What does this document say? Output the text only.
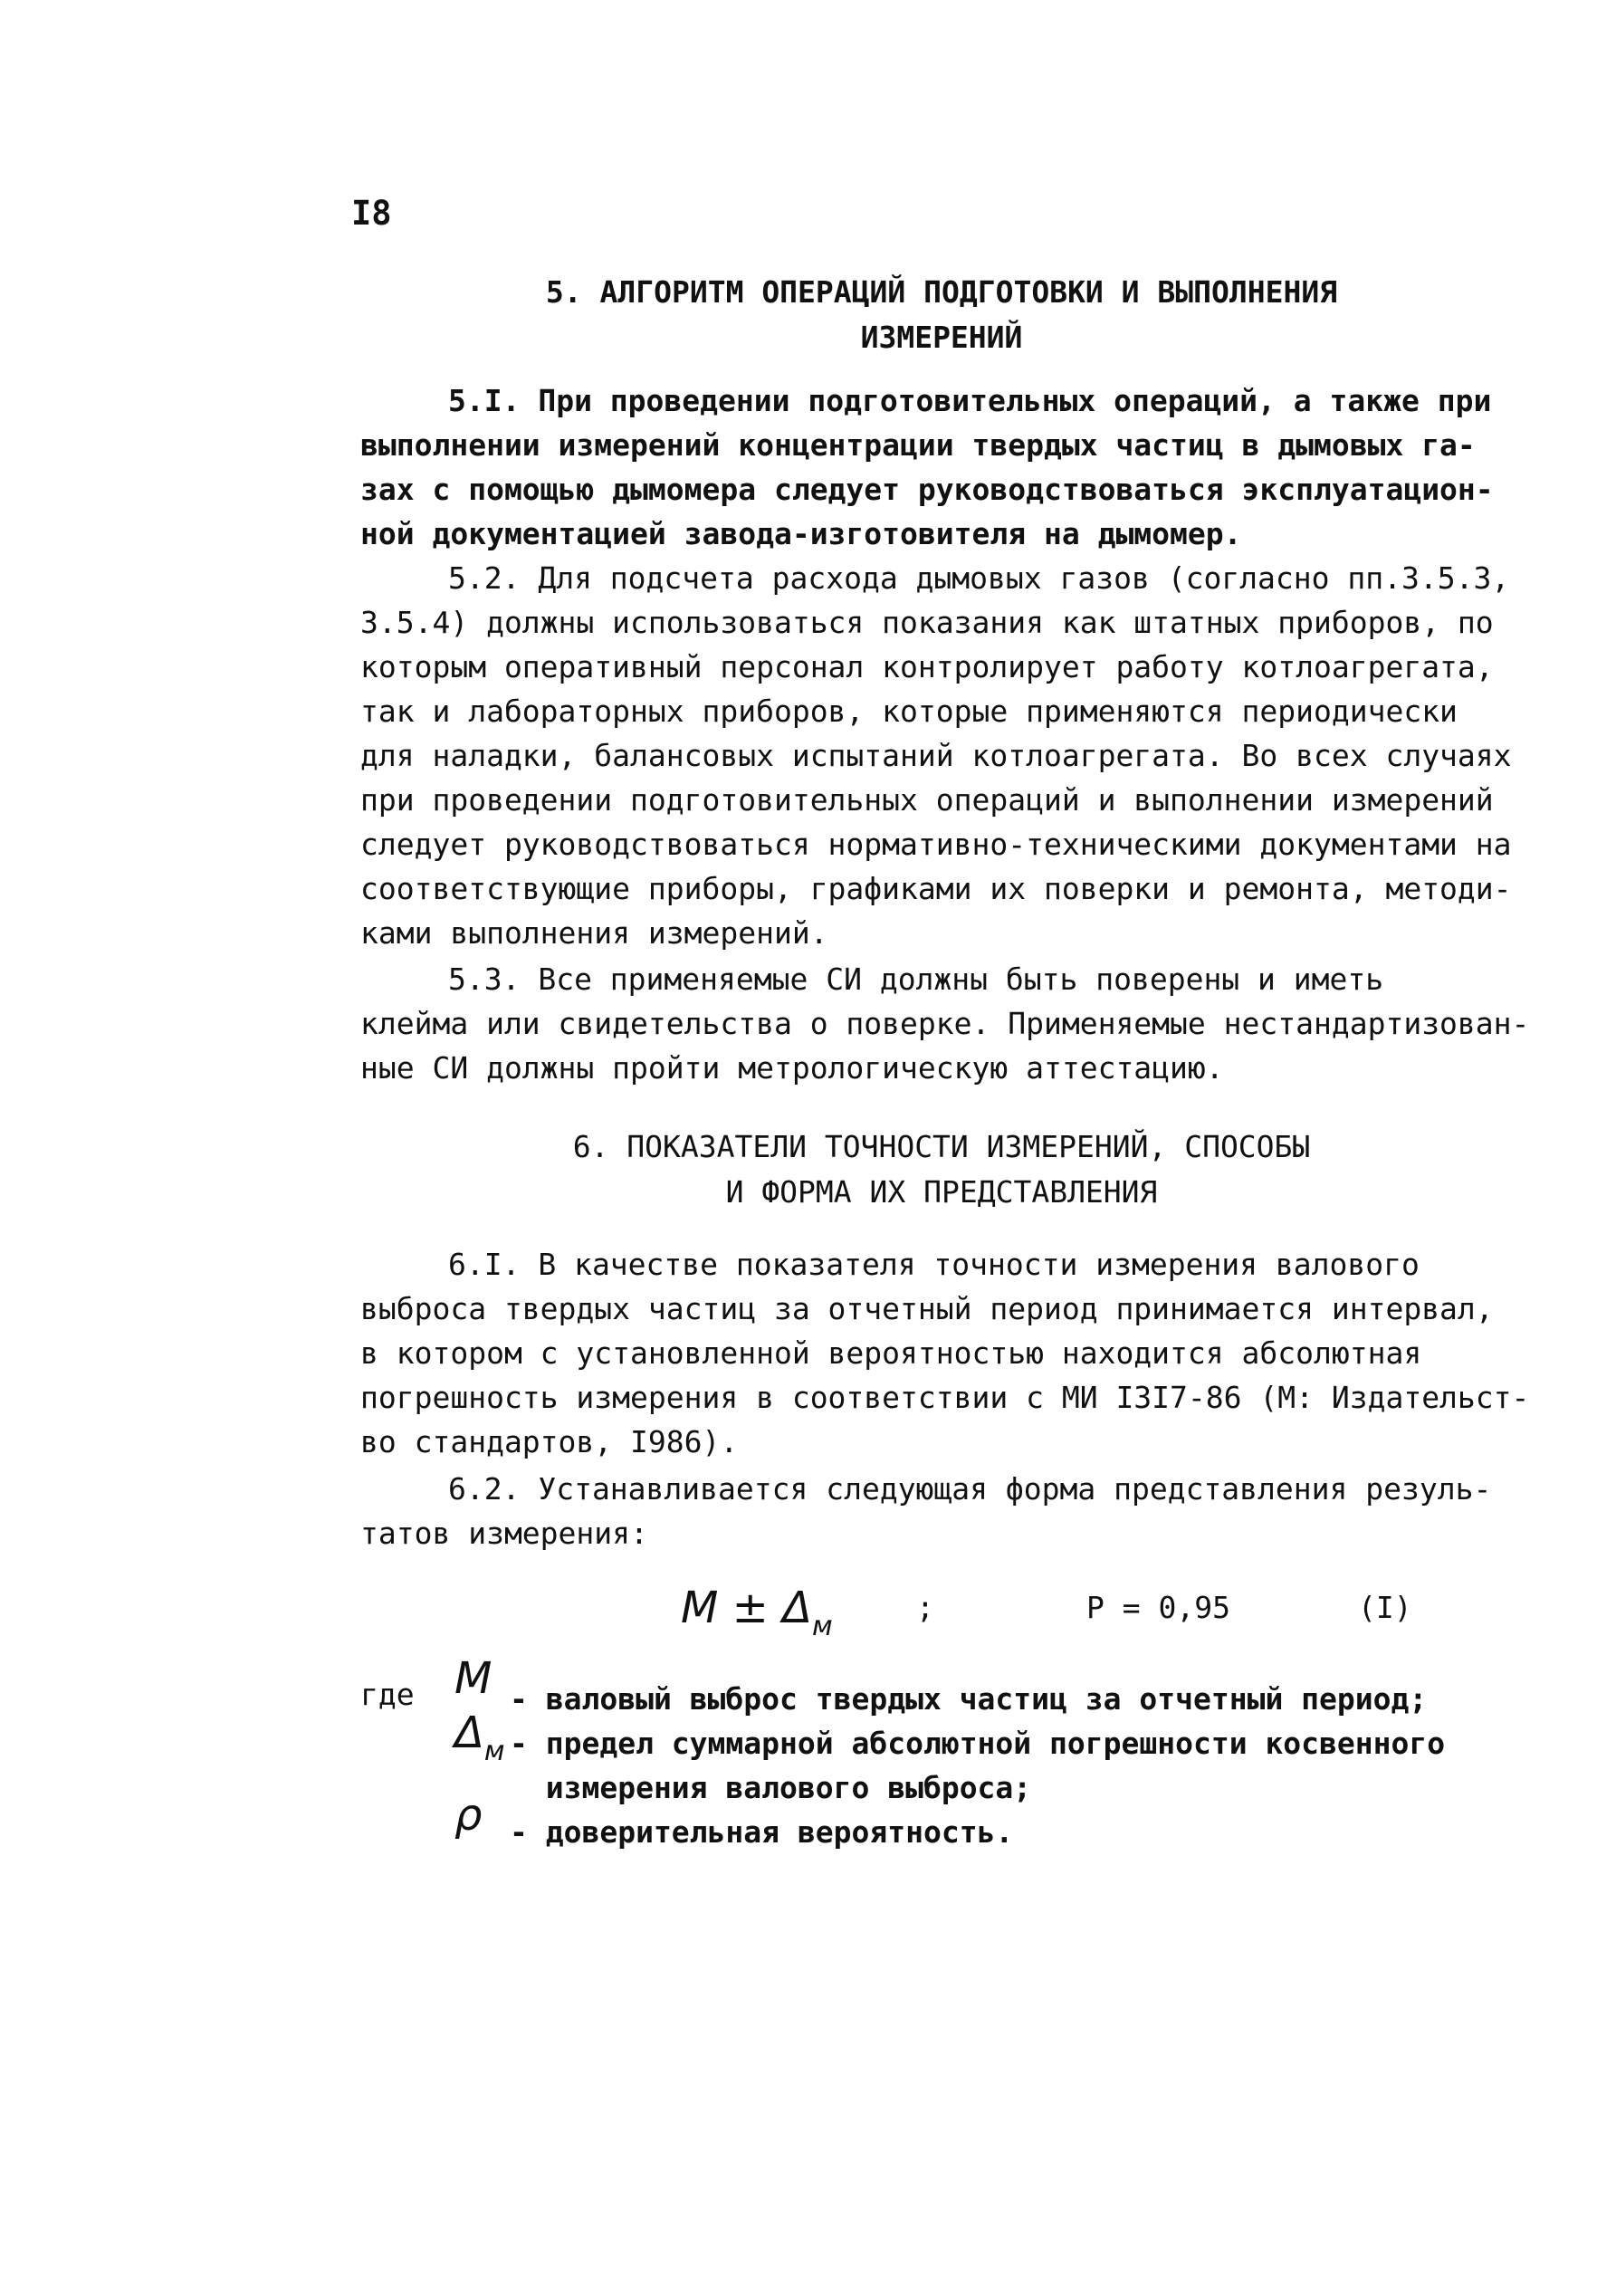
I8
5. АЛГОРИТМ ОПЕРАЦИЙ ПОДГОТОВКИ И ВЫПОЛНЕНИЯ
ИЗМЕРЕНИЙ
5.I. При проведении подготовительных операций, а также при
выполнении измерений концентрации твердых частиц в дымовых га-
зах с помощью дымомера следует руководствоваться эксплуатацион-
ной документацией завода-изготовителя на дымомер.
5.2. Для подсчета расхода дымовых газов (согласно пп.3.5.3,
3.5.4) должны использоваться показания как штатных приборов, по
которым оперативный персонал контролирует работу котлоагрегата,
так и лабораторных приборов, которые применяются периодически
для наладки, балансовых испытаний котлоагрегата. Во всех случаях
при проведении подготовительных операций и выполнении измерений
следует руководствоваться нормативно-техническими документами на
соответствующие приборы, графиками их поверки и ремонта, методи-
ками выполнения измерений.
5.3. Все применяемые СИ должны быть поверены и иметь
клейма или свидетельства о поверке. Применяемые нестандартизован-
ные СИ должны пройти метрологическую аттестацию.
6. ПОКАЗАТЕЛИ ТОЧНОСТИ ИЗМЕРЕНИЙ, СПОСОБЫ
И ФОРМА ИХ ПРЕДСТАВЛЕНИЯ
6.I. В качестве показателя точности измерения валового
выброса твердых частиц за отчетный период принимается интервал,
в котором с установленной вероятностью находится абсолютная
погрешность измерения в соответствии с МИ I3I7-86 (М: Издательст-
во стандартов, I986).
6.2. Устанавливается следующая форма представления резуль-
татов измерения:
M ± Δм
;	Р = 0,95	(I)
где M - валовый выброс твердых частиц за отчетный период;
Δм - предел суммарной абсолютной погрешности косвенного
измерения валового выброса;
ρ - доверительная вероятность.
